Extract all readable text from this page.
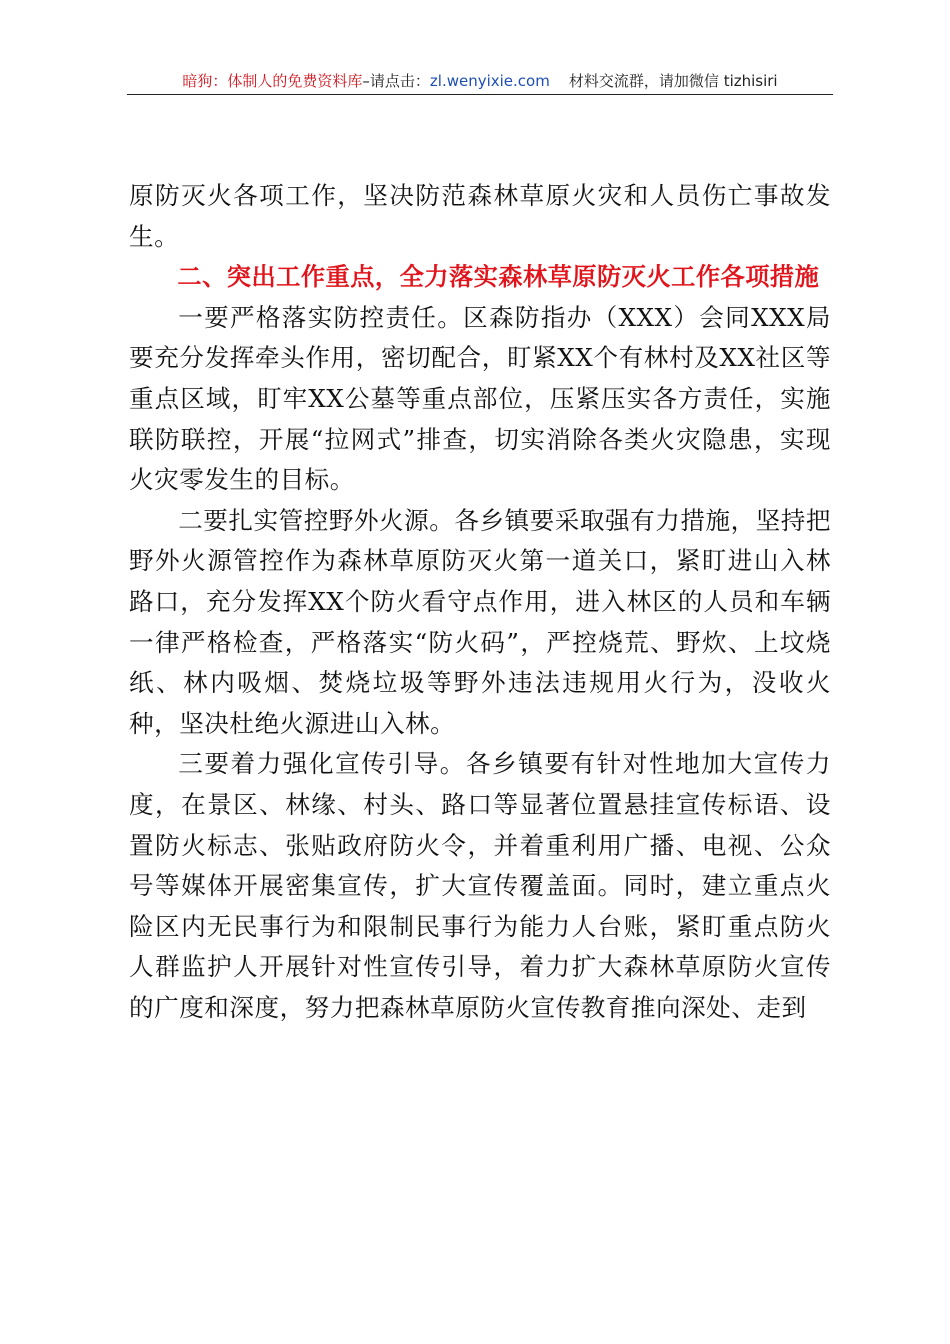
暗狗：体制人的免费资料库–请点击：zl.wenyixie.com 材料交流群，请加微信 tizhisiri

原防灭火各项工作，坚决防范森林草原火灾和人员伤亡事故发生。

二、突出工作重点，全力落实森林草原防灭火工作各项措施

一要严格落实防控责任。区森防指办（XXX）会同XXX局要充分发挥牵头作用，密切配合，盯紧XX个有林村及XX社区等重点区域，盯牢XX公墓等重点部位，压紧压实各方责任，实施联防联控，开展“拉网式”排查，切实消除各类火灾隐患，实现火灾零发生的目标。

二要扎实管控野外火源。各乡镇要采取强有力措施，坚持把野外火源管控作为森林草原防灭火第一道关口，紧盯进山入林路口，充分发挥XX个防火看守点作用，进入林区的人员和车辆一律严格检查，严格落实“防火码”，严控烧荒、野炊、上坟烧纸、林内吸烟、焚烧垃圾等野外违法违规用火行为，没收火种，坚决杜绝火源进山入林。

三要着力强化宣传引导。各乡镇要有针对性地加大宣传力度，在景区、林缘、村头、路口等显著位置悬挂宣传标语、设置防火标志、张贴政府防火令，并着重利用广播、电视、公众号等媒体开展密集宣传，扩大宣传覆盖面。同时，建立重点火险区内无民事行为和限制民事行为能力人台账，紧盯重点防火人群监护人开展针对性宣传引导，着力扩大森林草原防火宣传的广度和深度，努力把森林草原防火宣传教育推向深处、走到
